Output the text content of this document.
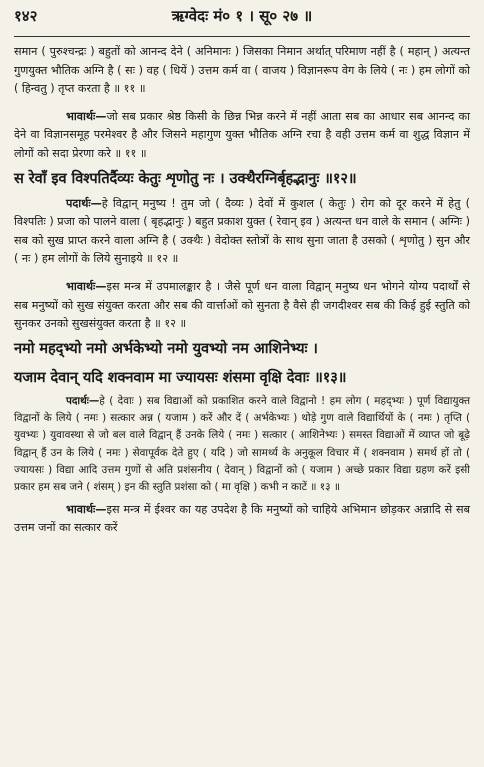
१४२	ऋग्वेदः मं० १ । सू० २७ ॥

समान ( पुरुश्चन्द्रः ) बहुतों को आनन्द देने ( अनिमानः ) जिसका निमान अर्थात् परिमाण नहीं है ( महान् ) अत्यन्त गुणयुक्त भौतिक अग्नि है ( सः ) वह ( धियें ) उत्तम कर्म वा ( वाजय ) विज्ञानरूप वेग के लिये ( नः ) हम लोगों को ( हिन्वतु ) तृप्त करता है ॥ ११ ॥

भावार्थः—जो सब प्रकार श्रेष्ठ किसी के छिन्न भिन्न करने में नहीं आता सब का आधार सब आनन्द का देने वा विज्ञानसमूह परमेश्वर है और जिसने महागुण युक्त भौतिक अग्नि रचा है वही उत्तम कर्म वा शुद्ध विज्ञान में लोगों को सदा प्रेरणा करे ॥ ११ ॥

स रेवाँ इव विश्पतिर्दैव्यः केतुः शृणोतु नः । उक्थैरग्निर्बृहद्भानुः ॥१२॥

पदार्थः—हे विद्वान् मनुष्य ! तुम जो ( दैव्यः ) देवों में कुशल ( केतुः ) रोग को दूर करने में हेतु ( विश्पतिः ) प्रजा को पालने वाला ( बृहद्भानुः ) बहुत प्रकाश युक्त ( रेवान् इव ) अत्यन्त धन वाले के समान ( अग्निः ) सब को सुख प्राप्त करने वाला अग्नि है ( उक्थैः ) वेदोक्त स्तोत्रों के साथ सुना जाता है उसको ( शृणोतु ) सुन और ( नः ) हम लोगों के लिये सुनाइये ॥ १२ ॥

भावार्थः—इस मन्त्र में उपमालङ्कार है । जैसे पूर्ण धन वाला विद्वान् मनुष्य धन भोगने योग्य पदार्थों से सब मनुष्यों को सुख संयुक्त करता और सब की वार्त्ताओं को सुनता है वैसे ही जगदीश्वर सब की किई हुई स्तुति को सुनकर उनको सुखसंयुक्त करता है ॥ १२ ॥

नमो महद्भ्यो नमो अर्भकेभ्यो नमो युवभ्यो नम आशिनेभ्यः ।
यजाम देवान् यदि शक्नवाम मा ज्यायसः शंसमा वृक्षि देवाः ॥१३॥

पदार्थः—हे ( देवाः ) सब विद्याओं को प्रकाशित करने वाले विद्वानो ! हम लोग ( महद्भ्यः ) पूर्ण विद्यायुक्त विद्वानों के लिये ( नमः ) सत्कार अन्न ( यजाम ) करें और दें ( अर्भकेभ्यः ) थोड़े गुण वाले विद्यार्थियों के ( नमः ) तृप्ति ( युवभ्यः ) युवावस्था से जो बल वाले विद्वान् हैं उनके लिये ( नमः ) सत्कार ( आशिनेभ्यः ) समस्त विद्याओं में व्याप्त जो बूढ़े विद्वान् हैं उन के लिये ( नमः ) सेवापूर्वक देते हुए ( यदि ) जो सामर्थ्य के अनुकूल विचार में ( शक्नवाम ) समर्थ हों तो ( ज्यायसः ) विद्या आदि उत्तम गुणों से अति प्रशंसनीय ( देवान् ) विद्वानों को ( यजाम ) अच्छे प्रकार विद्या ग्रहण करें इसी प्रकार हम सब जने ( शंसम् ) इन की स्तुति प्रशंसा को ( मा वृक्षि ) कभी न काटें ॥ १३ ॥

भावार्थः—इस मन्त्र में ईश्वर का यह उपदेश है कि मनुष्यों को चाहिये अभिमान छोड़कर अन्नादि से सब उत्तम जनों का सत्कार करें
